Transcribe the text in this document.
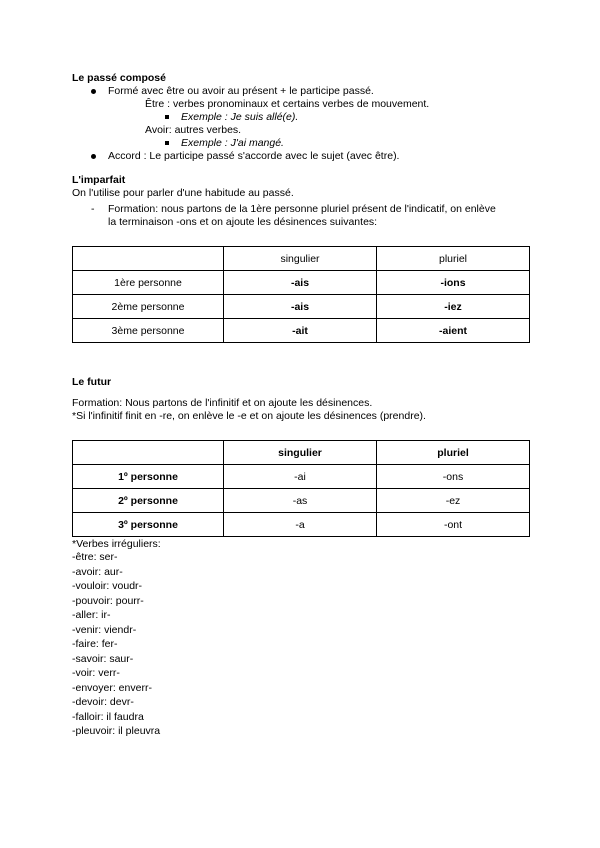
Le passé composé
Formé avec être ou avoir au présent + le participe passé.
Être : verbes pronominaux et certains verbes de mouvement.
Exemple : Je suis allé(e).
Avoir: autres verbes.
Exemple : J'ai mangé.
Accord : Le participe passé s'accorde avec le sujet (avec être).
L'imparfait
On l'utilise pour parler d'une habitude au passé.
- Formation: nous partons de la 1ère personne pluriel présent de l'indicatif, on enlève
la terminaison -ons et on ajoute les désinences suivantes:
	singulier	pluriel
1ère personne	-ais	-ions
2ème personne	-ais	-iez
3ème personne	-ait	-aient
Le futur
Formation: Nous partons de l'infinitif et on ajoute les désinences.
*Si l'infinitif finit en -re, on enlève le -e et on ajoute les désinences (prendre).
	singulier	pluriel
1º personne	-ai	-ons
2º personne	-as	-ez
3º personne	-a	-ont
*Verbes irréguliers:
-être: ser-
-avoir: aur-
-vouloir: voudr-
-pouvoir: pourr-
-aller: ir-
-venir: viendr-
-faire: fer-
-savoir: saur-
-voir: verr-
-envoyer: enverr-
-devoir: devr-
-falloir: il faudra
-pleuvoir: il pleuvra
